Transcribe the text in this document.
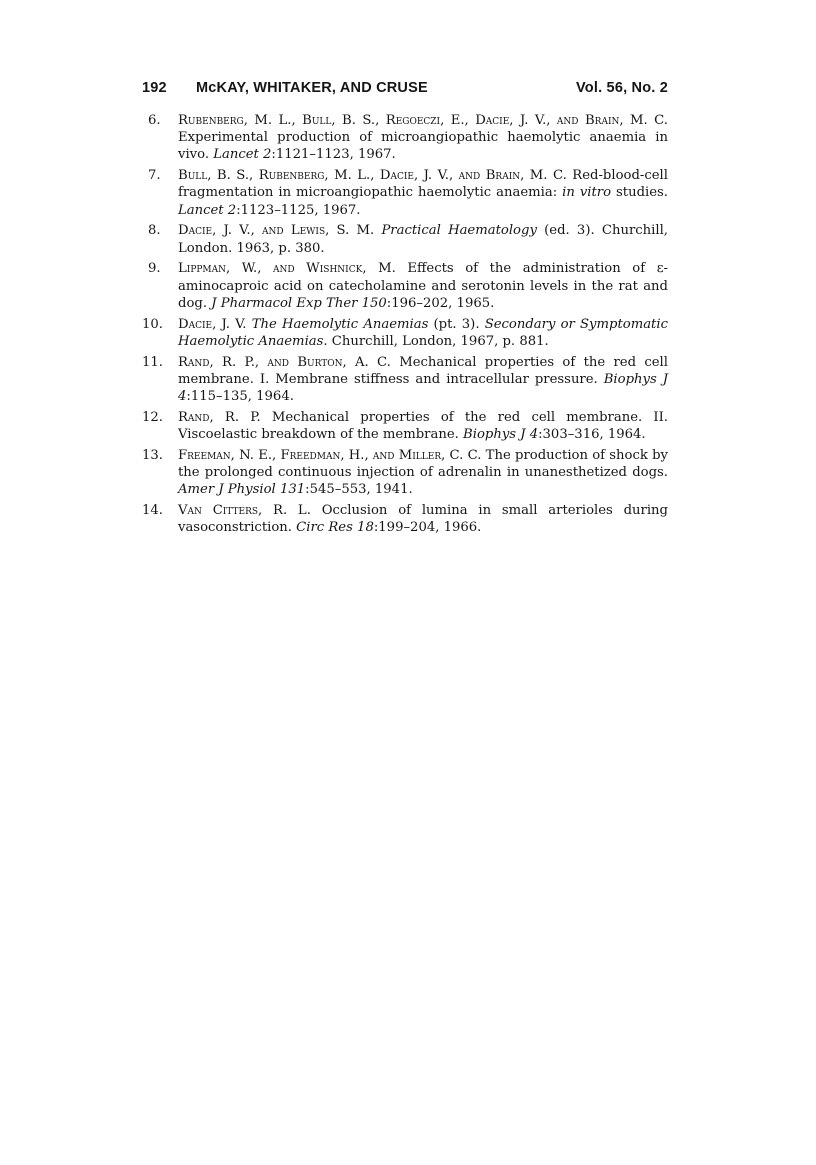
192 McKAY, WHITAKER, AND CRUSE	Vol. 56, No. 2
6. Rubenberg, M. L., Bull, B. S., Regoeczi, E., Dacie, J. V., and Brain, M. C. Experimental production of microangiopathic haemolytic anaemia in vivo. Lancet 2:1121–1123, 1967.
7. Bull, B. S., Rubenberg, M. L., Dacie, J. V., and Brain, M. C. Red-blood-cell fragmentation in microangiopathic haemolytic anaemia: in vitro studies. Lancet 2:1123–1125, 1967.
8. Dacie, J. V., and Lewis, S. M. Practical Haematology (ed. 3). Churchill, London. 1963, p. 380.
9. Lippman, W., and Wishnick, M. Effects of the administration of ε-aminocaproic acid on catecholamine and serotonin levels in the rat and dog. J Pharmacol Exp Ther 150:196–202, 1965.
10. Dacie, J. V. The Haemolytic Anaemias (pt. 3). Secondary or Symptomatic Haemolytic Anaemias. Churchill, London, 1967, p. 881.
11. Rand, R. P., and Burton, A. C. Mechanical properties of the red cell membrane. I. Membrane stiffness and intracellular pressure. Biophys J 4:115–135, 1964.
12. Rand, R. P. Mechanical properties of the red cell membrane. II. Viscoelastic breakdown of the membrane. Biophys J 4:303–316, 1964.
13. Freeman, N. E., Freedman, H., and Miller, C. C. The production of shock by the prolonged continuous injection of adrenalin in unanesthetized dogs. Amer J Physiol 131:545–553, 1941.
14. Van Citters, R. L. Occlusion of lumina in small arterioles during vasoconstriction. Circ Res 18:199–204, 1966.
